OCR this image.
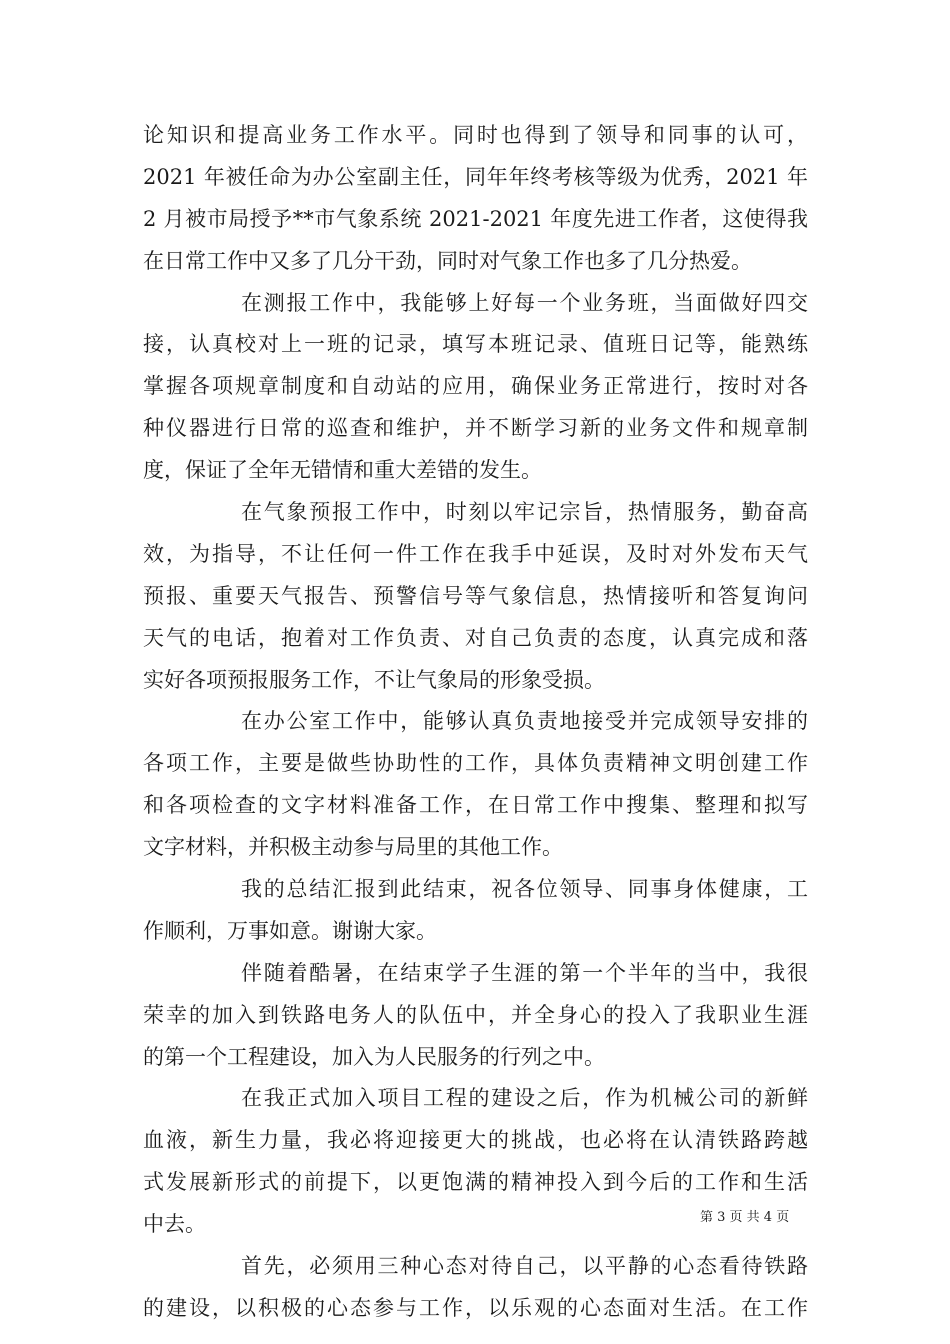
论知识和提高业务工作水平。同时也得到了领导和同事的认可，
2021 年被任命为办公室副主任，同年年终考核等级为优秀，2021 年
2 月被市局授予**市气象系统 2021-2021 年度先进工作者，这使得我
在日常工作中又多了几分干劲，同时对气象工作也多了几分热爱。
在测报工作中，我能够上好每一个业务班，当面做好四交
接，认真校对上一班的记录，填写本班记录、值班日记等，能熟练
掌握各项规章制度和自动站的应用，确保业务正常进行，按时对各
种仪器进行日常的巡查和维护，并不断学习新的业务文件和规章制
度，保证了全年无错情和重大差错的发生。
在气象预报工作中，时刻以牢记宗旨，热情服务，勤奋高
效，为指导，不让任何一件工作在我手中延误，及时对外发布天气
预报、重要天气报告、预警信号等气象信息，热情接听和答复询问
天气的电话，抱着对工作负责、对自己负责的态度，认真完成和落
实好各项预报服务工作，不让气象局的形象受损。
在办公室工作中，能够认真负责地接受并完成领导安排的
各项工作，主要是做些协助性的工作，具体负责精神文明创建工作
和各项检查的文字材料准备工作，在日常工作中搜集、整理和拟写
文字材料，并积极主动参与局里的其他工作。
我的总结汇报到此结束，祝各位领导、同事身体健康，工
作顺利，万事如意。谢谢大家。
伴随着酷暑，在结束学子生涯的第一个半年的当中，我很
荣幸的加入到铁路电务人的队伍中，并全身心的投入了我职业生涯
的第一个工程建设，加入为人民服务的行列之中。
在我正式加入项目工程的建设之后，作为机械公司的新鲜
血液，新生力量，我必将迎接更大的挑战，也必将在认清铁路跨越
式发展新形式的前提下，以更饱满的精神投入到今后的工作和生活
中去。
首先，必须用三种心态对待自己，以平静的心态看待铁路
的建设，以积极的心态参与工作，以乐观的心态面对生活。在工作
第 3 页 共 4 页
